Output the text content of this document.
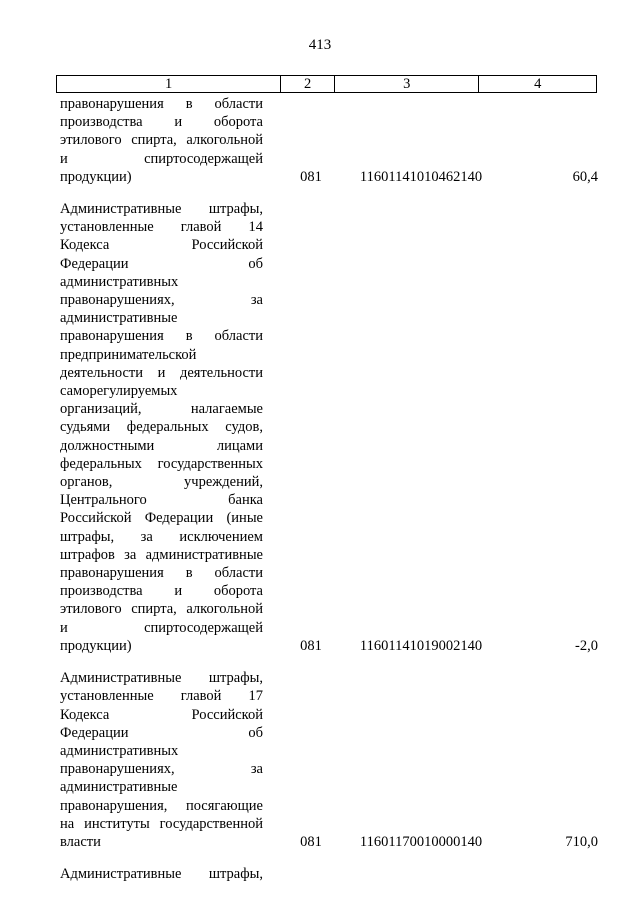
413
1	2	3	4
правонарушения в области
производства и оборота
этилового спирта, алкогольной
и спиртосодержащей
продукции)	081	11601141010462140	60,4
Административные штрафы,
установленные главой 14
Кодекса Российской
Федерации об
административных
правонарушениях, за
административные
правонарушения в области
предпринимательской
деятельности и деятельности
саморегулируемых
организаций, налагаемые
судьями федеральных судов,
должностными лицами
федеральных государственных
органов, учреждений,
Центрального банка
Российской Федерации (иные
штрафы, за исключением
штрафов за административные
правонарушения в области
производства и оборота
этилового спирта, алкогольной
и спиртосодержащей
продукции)	081	11601141019002140	-2,0
Административные штрафы,
установленные главой 17
Кодекса Российской
Федерации об
административных
правонарушениях, за
административные
правонарушения, посягающие
на институты государственной
власти	081	11601170010000140	710,0
Административные штрафы,
